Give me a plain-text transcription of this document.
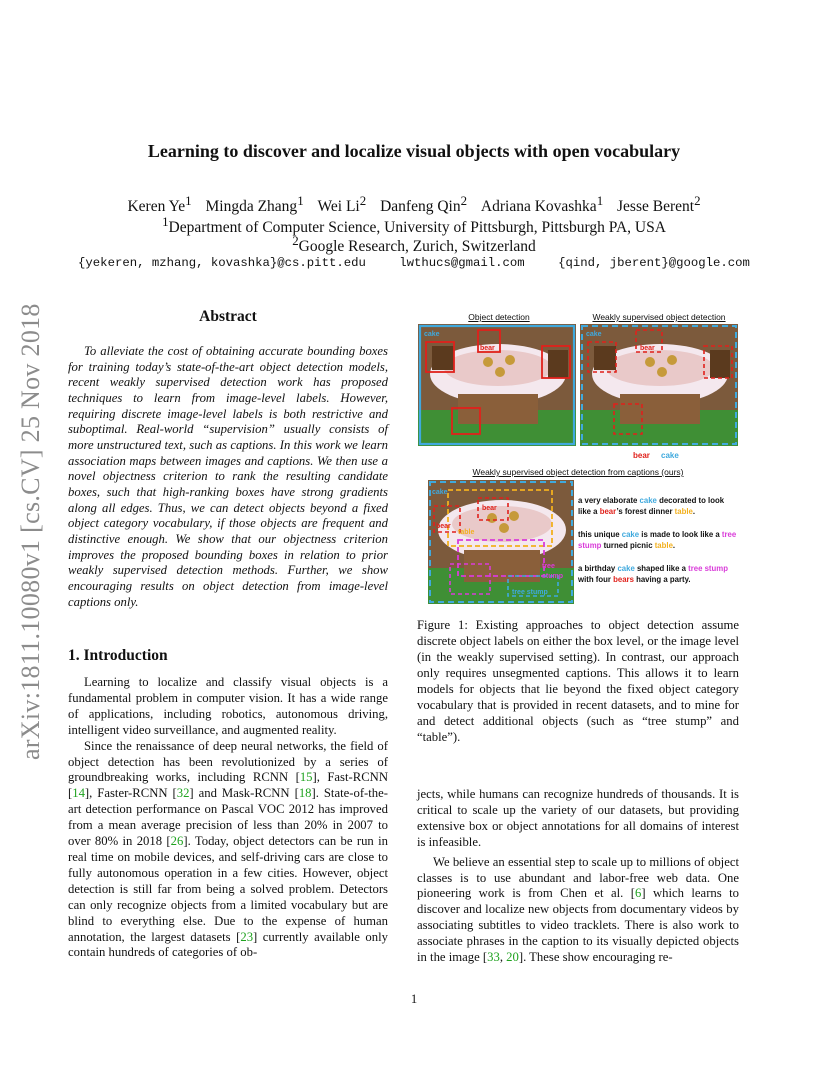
arXiv:1811.10080v1 [cs.CV] 25 Nov 2018
Learning to discover and localize visual objects with open vocabulary
Keren Ye$^1$ Mingda Zhang$^1$ Wei Li$^2$ Danfeng Qin$^2$ Adriana Kovashka$^1$ Jesse Berent$^2$
$^1$Department of Computer Science, University of Pittsburgh, Pittsburgh PA, USA
$^2$Google Research, Zurich, Switzerland
{yekeren, mzhang, kovashka}@cs.pitt.edu	lwthucs@gmail.com	{qind, jberent}@google.com
Abstract
To alleviate the cost of obtaining accurate bounding boxes for training today’s state-of-the-art object detection models, recent weakly supervised detection work has proposed techniques to learn from image-level labels. However, requiring discrete image-level labels is both restrictive and suboptimal. Real-world “supervision” usually consists of more unstructured text, such as captions. In this work we learn association maps between images and captions. We then use a novel objectness criterion to rank the resulting candidate boxes, such that high-ranking boxes have strong gradients along all edges. Thus, we can detect objects beyond a fixed object category vocabulary, if those objects are frequent and distinctive enough. We show that our objectness criterion improves the proposed bounding boxes in relation to prior weakly supervised detection methods. Further, we show encouraging results on object detection from image-level captions only.
1. Introduction

Learning to localize and classify visual objects is a fundamental problem in computer vision. It has a wide range of applications, including robotics, autonomous driving, intelligent video surveillance, and augmented reality.

Since the renaissance of deep neural networks, the field of object detection has been revolutionized by a series of groundbreaking works, including RCNN [15], Fast-RCNN [14], Faster-RCNN [32] and Mask-RCNN [18]. State-of-the-art detection performance on Pascal VOC 2012 has improved from a mean average precision of less than 20% in 2007 to over 80% in 2018 [26]. Today, object detectors can be run in real time on mobile devices, and self-driving cars are close to fully autonomous operation in a few cities. However, object detection is still far from being a solved problem. Detectors can only recognize objects from a limited vocabulary but are blind to everything else. Due to the expense of human annotation, the largest datasets [23] currently available only contain hundreds of categories of ob-

Object detection	Weakly supervised object detection
cake
bear
cake
bear
bear cake
Weakly supervised object detection from captions (ours)
cake
bear
bear
table
tree
stump
tree stump
a very elaborate cake decorated to look like a bear’s forest dinner table.
this unique cake is made to look like a tree stump turned picnic table.
a birthday cake shaped like a tree stump with four bears having a party.
Figure 1: Existing approaches to object detection assume discrete object labels on either the box level, or the image level (in the weakly supervised setting). In contrast, our approach only requires unsegmented captions. This allows it to learn models for objects that lie beyond the fixed object category vocabulary that is provided in recent datasets, and to mine for and detect additional objects (such as “tree stump” and “table”).

jects, while humans can recognize hundreds of thousands. It is critical to scale up the variety of our datasets, but providing extensive box or object annotations for all domains of interest is infeasible.

We believe an essential step to scale up to millions of object classes is to use abundant and labor-free web data. One pioneering work is from Chen et al. [6] which learns to discover and localize new objects from documentary videos by associating subtitles to video tracklets. There is also work to associate phrases in the caption to its visually depicted objects in the image [33, 20]. These show encouraging re-

1
